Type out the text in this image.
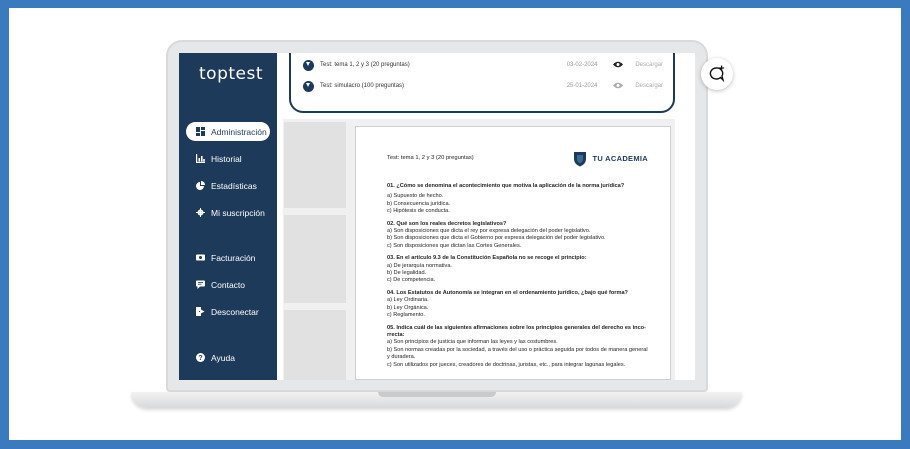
toptest
Administración
Historial
Estadísticas
Mi suscripción
Facturación
Contacto
Desconectar
? Ayuda
Test: tema 1, 2 y 3 (20 preguntas)	03-02-2024	Descargar
Test: simulacro (100 preguntas)	25-01-2024	Descargar
Test: tema 1, 2 y 3 (20 preguntas)	TU ACADEMIA
01. ¿Cómo se denomina el acontecimiento que motiva la aplicación de la norma jurídica?
a) Supuesto de hecho.
b) Consecuencia jurídica.
c) Hipótesis de conducta.
02. Qué son los reales decretos legislativos?
a) Son disposiciones que dicta el rey por expresa delegación del poder legislativo.
b) Son disposiciones que dicta el Gobierno por expresa delegación del poder legislativo.
c) Son disposiciones que dictan las Cortes Generales.
03. En el artículo 9.3 de la Constitución Española no se recoge el principio:
a) De jerarquía normativa.
b) De legalidad.
c) De competencia.
04. Los Estatutos de Autonomía se integran en el ordenamiento jurídico, ¿bajo qué forma?
a) Ley Ordinaria.
b) Ley Orgánica.
c) Reglamento.
05. Indica cuál de las siguientes afirmaciones sobre los principios generales del derecho es inco-rrecta:
a) Son principios de justicia que informan las leyes y las costumbres.
b) Son normas creadas por la sociedad, a través del uso o práctica seguida por todos de manera general y duradera.
c) Son utilizados por jueces, creadores de doctrinas, juristas, etc., para integrar lagunas legales.
